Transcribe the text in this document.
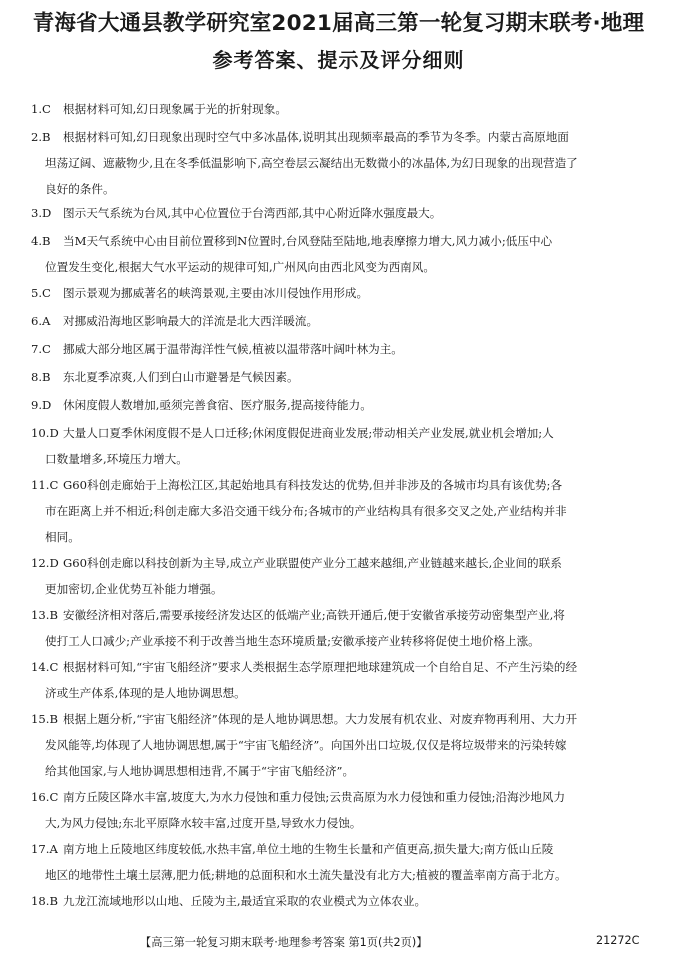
青海省大通县教学研究室2021届高三第一轮复习期末联考·地理
参考答案、提示及评分细则
1.C 根据材料可知,幻日现象属于光的折射现象。
2.B 根据材料可知,幻日现象出现时空气中多冰晶体,说明其出现频率最高的季节为冬季。内蒙古高原地面
坦荡辽阔、遮蔽物少,且在冬季低温影响下,高空卷层云凝结出无数微小的冰晶体,为幻日现象的出现营造了
良好的条件。
3.D 图示天气系统为台风,其中心位置位于台湾西部,其中心附近降水强度最大。
4.B 当M天气系统中心由目前位置移到N位置时,台风登陆至陆地,地表摩擦力增大,风力减小;低压中心
位置发生变化,根据大气水平运动的规律可知,广州风向由西北风变为西南风。
5.C 图示景观为挪威著名的峡湾景观,主要由冰川侵蚀作用形成。
6.A 对挪威沿海地区影响最大的洋流是北大西洋暖流。
7.C 挪威大部分地区属于温带海洋性气候,植被以温带落叶阔叶林为主。
8.B 东北夏季凉爽,人们到白山市避暑是气候因素。
9.D 休闲度假人数增加,亟须完善食宿、医疗服务,提高接待能力。
10.D 大量人口夏季休闲度假不是人口迁移;休闲度假促进商业发展;带动相关产业发展,就业机会增加;人
口数量增多,环境压力增大。
11.C G60科创走廊始于上海松江区,其起始地具有科技发达的优势,但并非涉及的各城市均具有该优势;各
市在距离上并不相近;科创走廊大多沿交通干线分布;各城市的产业结构具有很多交叉之处,产业结构并非
相同。
12.D G60科创走廊以科技创新为主导,成立产业联盟使产业分工越来越细,产业链越来越长,企业间的联系
更加密切,企业优势互补能力增强。
13.B 安徽经济相对落后,需要承接经济发达区的低端产业;高铁开通后,便于安徽省承接劳动密集型产业,将
使打工人口减少;产业承接不利于改善当地生态环境质量;安徽承接产业转移将促使土地价格上涨。
14.C 根据材料可知,“宇宙飞船经济”要求人类根据生态学原理把地球建筑成一个自给自足、不产生污染的经
济或生产体系,体现的是人地协调思想。
15.B 根据上题分析,“宇宙飞船经济”体现的是人地协调思想。大力发展有机农业、对废弃物再利用、大力开
发风能等,均体现了人地协调思想,属于“宇宙飞船经济”。向国外出口垃圾,仅仅是将垃圾带来的污染转嫁
给其他国家,与人地协调思想相违背,不属于“宇宙飞船经济”。
16.C 南方丘陵区降水丰富,坡度大,为水力侵蚀和重力侵蚀;云贵高原为水力侵蚀和重力侵蚀;沿海沙地风力
大,为风力侵蚀;东北平原降水较丰富,过度开垦,导致水力侵蚀。
17.A 南方地上丘陵地区纬度较低,水热丰富,单位土地的生物生长量和产值更高,损失量大;南方低山丘陵
地区的地带性土壤土层薄,肥力低;耕地的总面积和水土流失量没有北方大;植被的覆盖率南方高于北方。
18.B 九龙江流域地形以山地、丘陵为主,最适宜采取的农业模式为立体农业。
【高三第一轮复习期末联考·地理参考答案 第1页(共2页)】	21272C
